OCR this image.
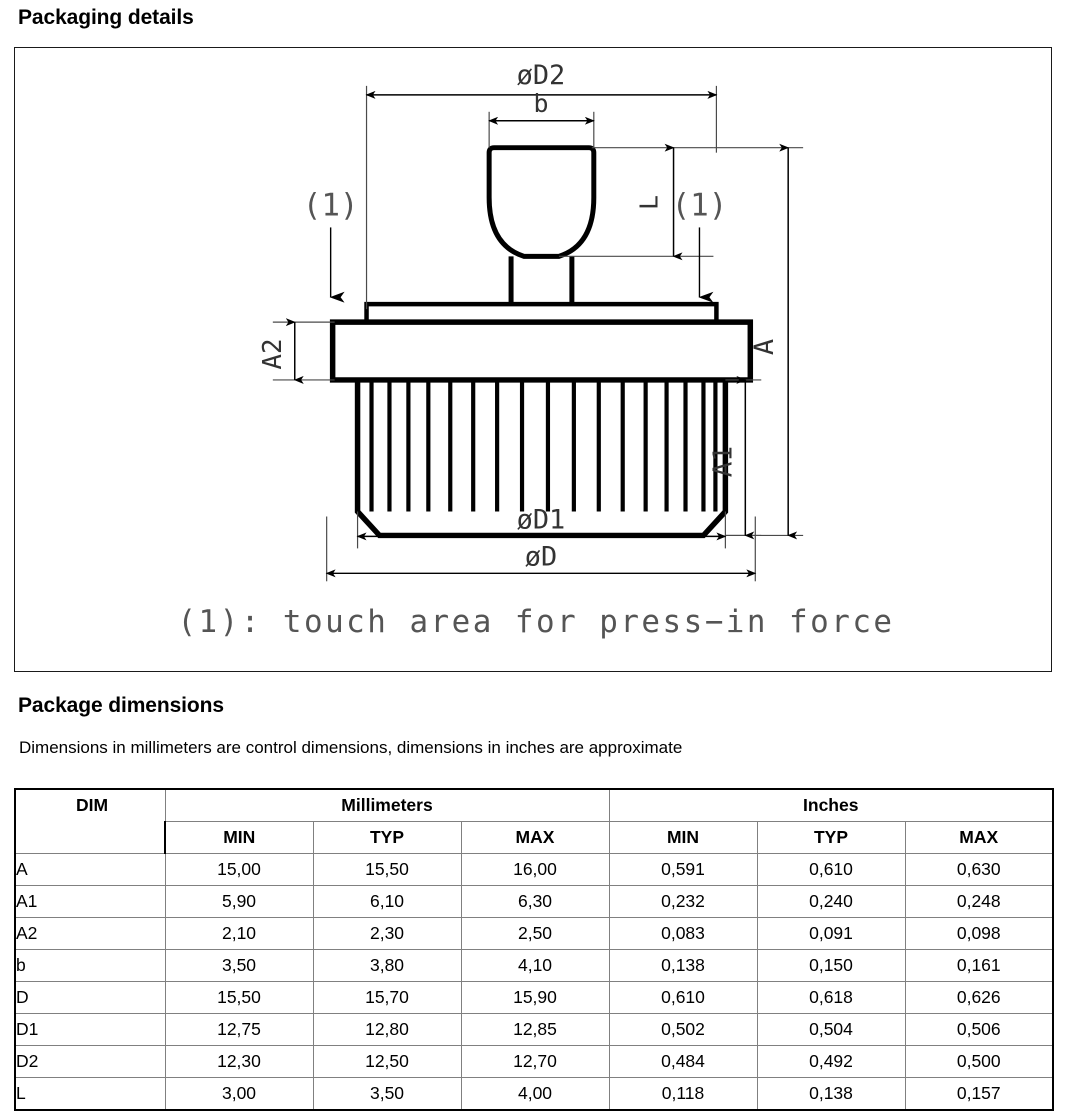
Packaging details
øD2
b
L
A
A1
A2
øD1
øD
(1)	(1)
(1): touch area for press−in force
Package dimensions
Dimensions in millimeters are control dimensions, dimensions in inches are approximate
DIM	Millimeters			Inches		
	MIN	TYP	MAX	MIN	TYP	MAX
A	15,00	15,50	16,00	0,591	0,610	0,630
A1	5,90	6,10	6,30	0,232	0,240	0,248
A2	2,10	2,30	2,50	0,083	0,091	0,098
b	3,50	3,80	4,10	0,138	0,150	0,161
D	15,50	15,70	15,90	0,610	0,618	0,626
D1	12,75	12,80	12,85	0,502	0,504	0,506
D2	12,30	12,50	12,70	0,484	0,492	0,500
L	3,00	3,50	4,00	0,118	0,138	0,157
